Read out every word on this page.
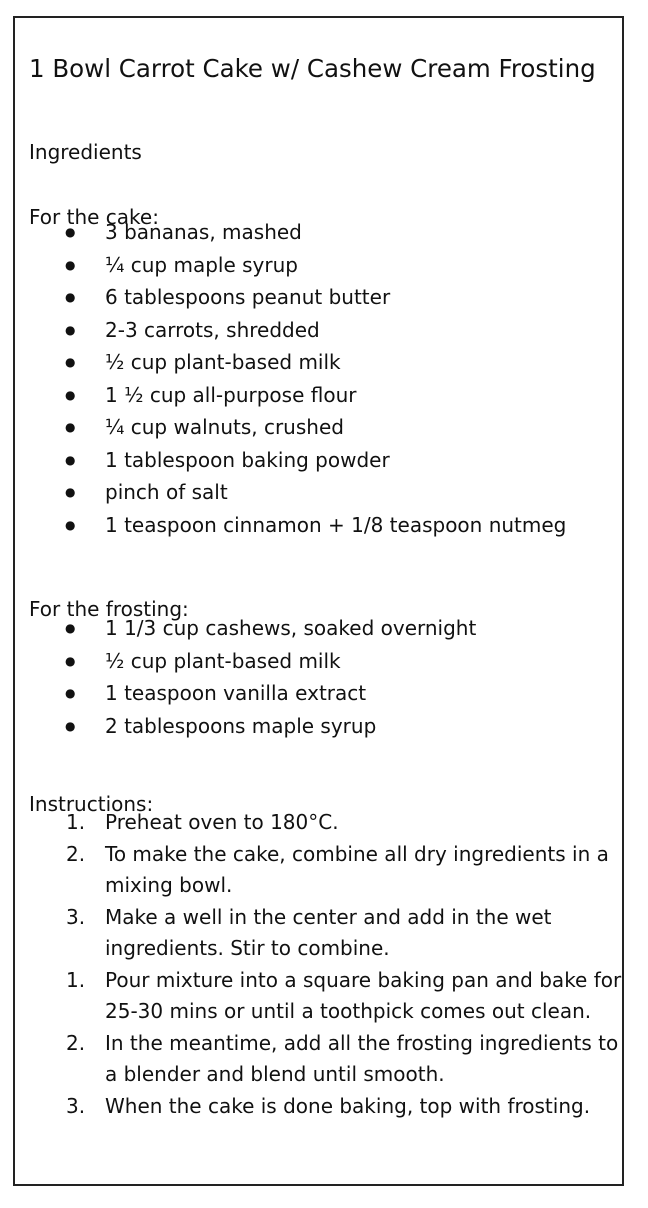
1 Bowl Carrot Cake w/ Cashew Cream Frosting
Ingredients
For the cake:
● 3 bananas, mashed
● ¼ cup maple syrup
● 6 tablespoons peanut butter
● 2-3 carrots, shredded
● ½ cup plant-based milk
● 1 ½ cup all-purpose flour
● ¼ cup walnuts, crushed
● 1 tablespoon baking powder
● pinch of salt
● 1 teaspoon cinnamon + 1/8 teaspoon nutmeg
For the frosting:
● 1 1/3 cup cashews, soaked overnight
● ½ cup plant-based milk
● 1 teaspoon vanilla extract
● 2 tablespoons maple syrup
Instructions:
1. Preheat oven to 180°C.
2. To make the cake, combine all dry ingredients in a mixing bowl.
3. Make a well in the center and add in the wet ingredients. Stir to combine.
1. Pour mixture into a square baking pan and bake for 25-30 mins or until a toothpick comes out clean.
2. In the meantime, add all the frosting ingredients to a blender and blend until smooth.
3. When the cake is done baking, top with frosting.
